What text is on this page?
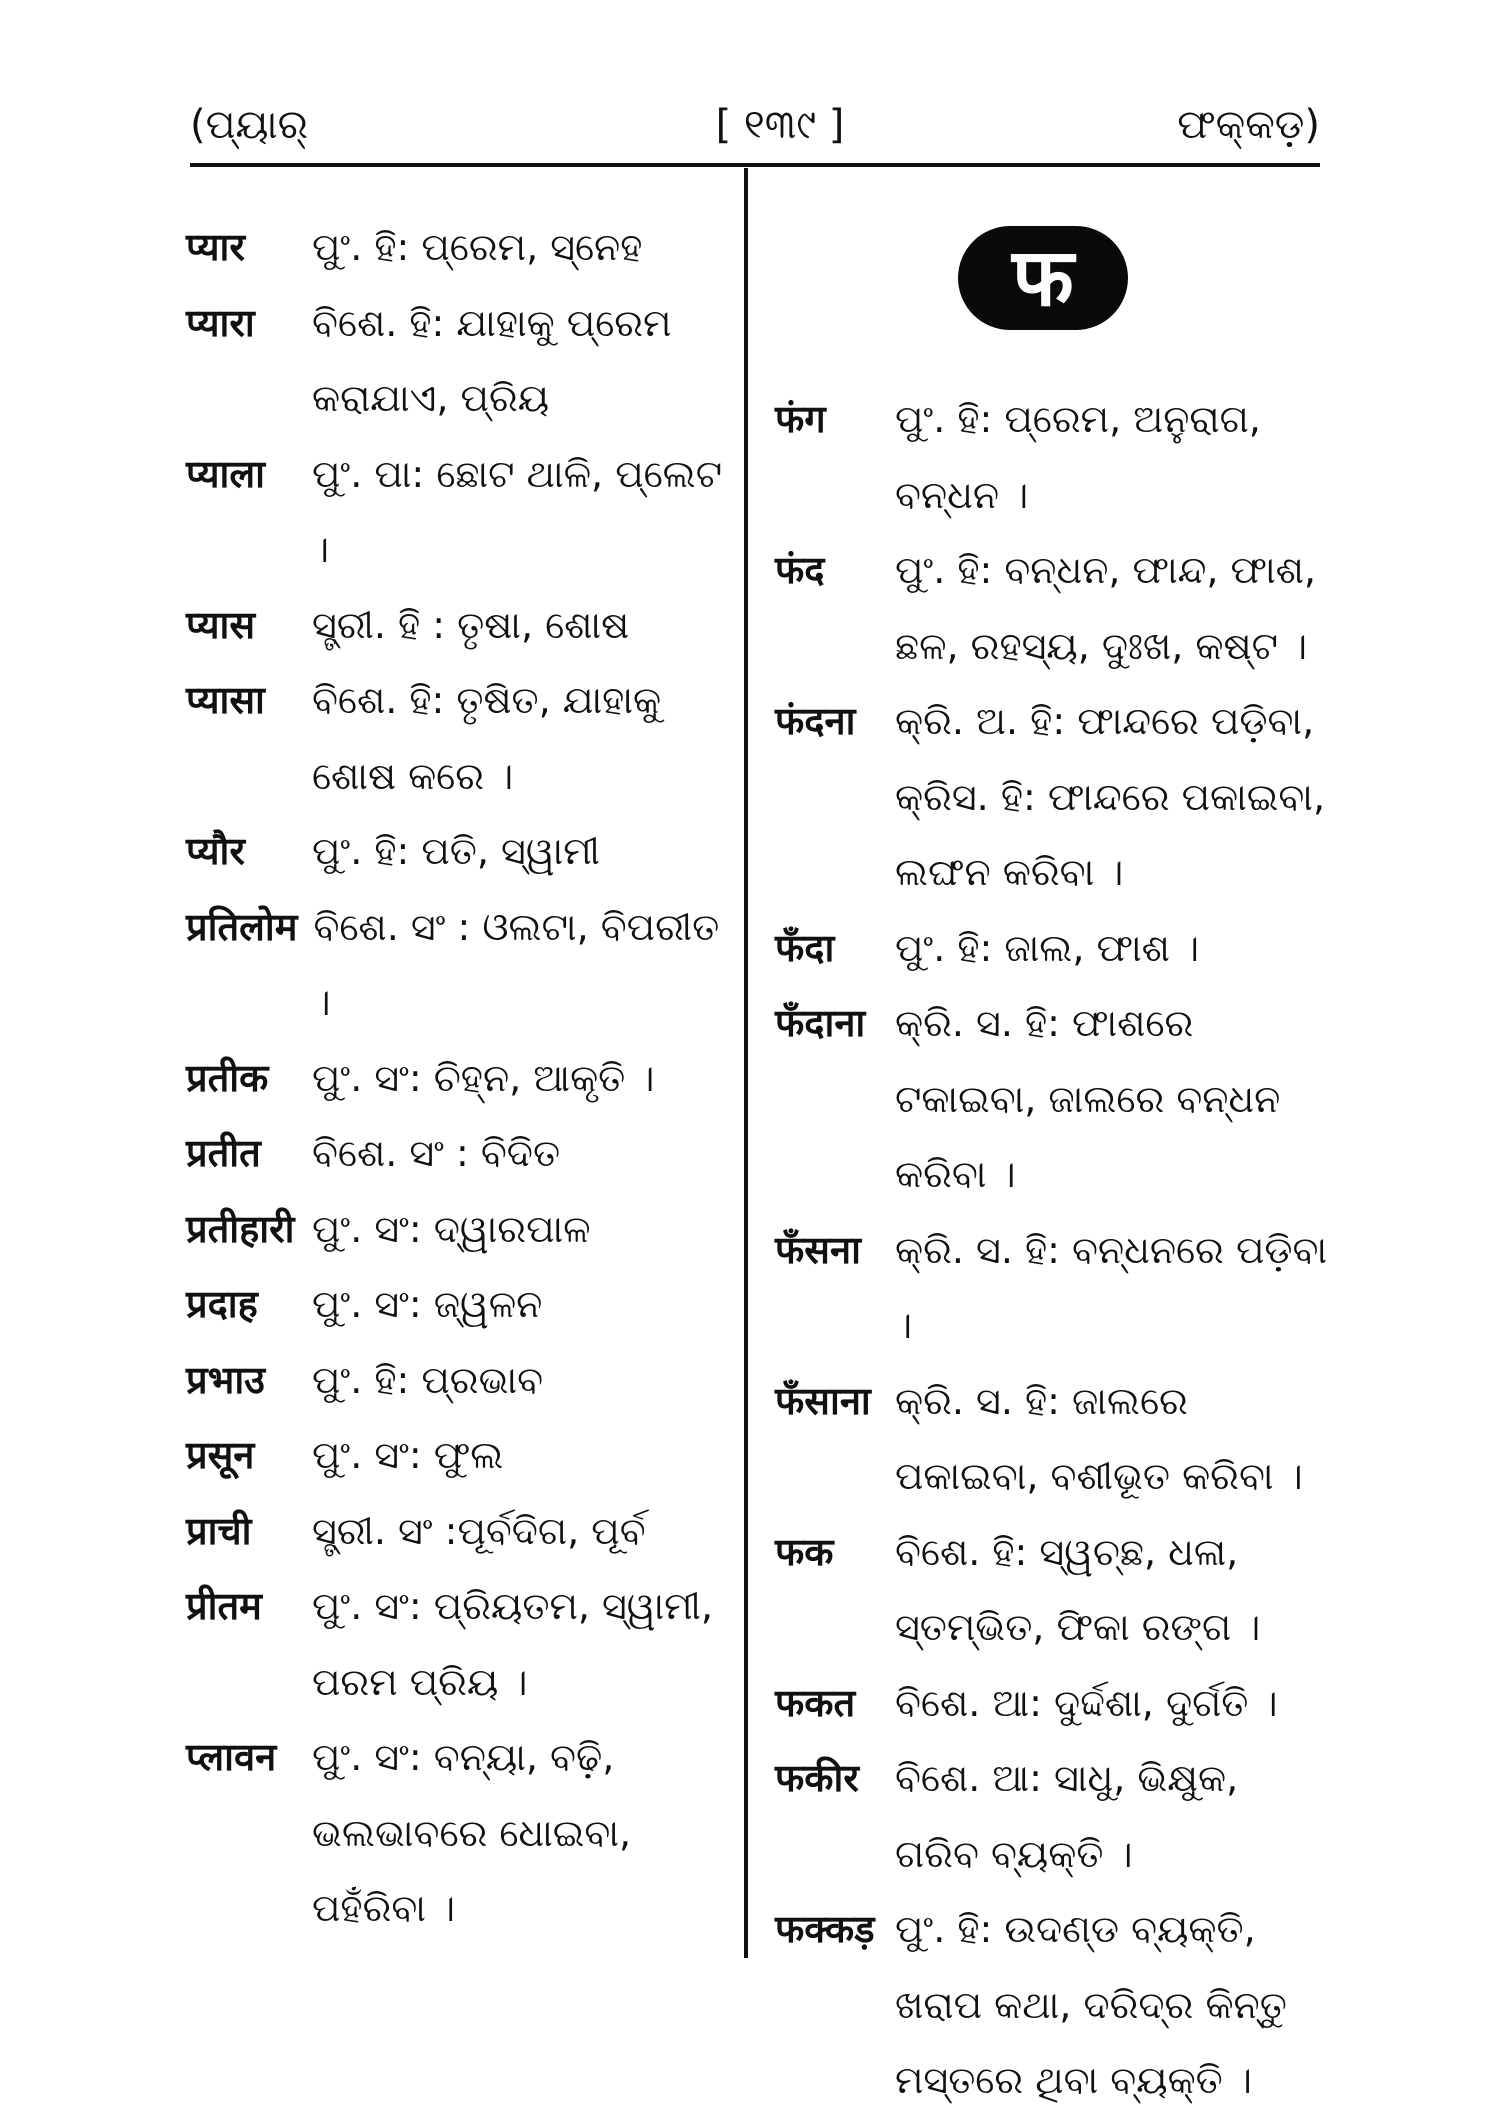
(ପ୍ୟାର୍	[ ୧୩୯ ]	ଫକ୍‌କଡ଼)
प्यार	ପୁଂ. ହି: ପ୍ରେମ, ସ୍ନେହ
प्यारा	ବିଶେ. ହି: ଯାହାକୁ ପ୍ରେମ କରାଯାଏ, ପ୍ରିୟ
प्याला	ପୁଂ. ପା: ଛୋଟ ଥାଳି, ପ୍ଲେଟ ।
प्यास	ସ୍ତ୍ରୀ. ହି : ତୃଷା, ଶୋଷ
प्यासा	ବିଶେ. ହି: ତୃଷିତ, ଯାହାକୁ ଶୋଷ କରେ ।
प्यौर	ପୁଂ. ହି: ପତି, ସ୍ୱାମୀ
प्रतिलोम ବିଶେ. ସଂ : ଓଲଟା, ବିପରୀତ ।
प्रतीक	ପୁଂ. ସଂ: ଚିହ୍ନ, ଆକୃତି ।
प्रतीत	ବିଶେ. ସଂ : ବିଦିତ
प्रतीहारी ପୁଂ. ସଂ: ଦ୍ୱାରପାଳ
प्रदाह	ପୁଂ. ସଂ: ଜ୍ୱଳନ
प्रभाउ	ପୁଂ. ହି: ପ୍ରଭାବ
प्रसून	ପୁଂ. ସଂ: ଫୁଲ
प्राची	ସ୍ତ୍ରୀ. ସଂ :ପୂର୍ବଦିଗ, ପୂର୍ବ
प्रीतम	ପୁଂ. ସଂ: ପ୍ରିୟତମ, ସ୍ୱାମୀ, ପରମ ପ୍ରିୟ ।
प्लावन ପୁଂ. ସଂ: ବନ୍ୟା, ବଢ଼ି, ଭଲଭାବରେ ଧୋଇବା, ପହଁରିବା ।
फ
फंग	ପୁଂ. ହି: ପ୍ରେମ, ଅନୁରାଗ, ବନ୍ଧନ ।
फंद	ପୁଂ. ହି: ବନ୍ଧନ, ଫାନ୍ଦ, ଫାଶ, ଛଳ, ରହସ୍ୟ, ଦୁଃଖ, କଷ୍ଟ ।
फंदना	କ୍ରି. ଅ. ହି: ଫାନ୍ଦରେ ପଡ଼ିବା, କ୍ରିସ. ହି: ଫାନ୍ଦରେ ପକାଇବା, ଲଙ୍ଘନ କରିବା ।
फँदा	ପୁଂ. ହି: ଜାଲ, ଫାଶ ।
फँदाना କ୍ରି. ସ. ହି: ଫାଶରେ ଟକାଇବା, ଜାଲରେ ବନ୍ଧନ କରିବା ।
फँसना କ୍ରି. ସ. ହି: ବନ୍ଧନରେ ପଡ଼ିବା ।
फँसाना କ୍ରି. ସ. ହି: ଜାଲରେ ପକାଇବା, ବଶୀଭୂତ କରିବା ।
फक	ବିଶେ. ହି: ସ୍ୱଚ୍ଛ, ଧଳା, ସ୍ତମ୍ଭିତ, ଫିକା ରଙ୍ଗ ।
फकत	ବିଶେ. ଆ: ଦୁର୍ଦ୍ଦଶା, ଦୁର୍ଗତି ।
फकीर ବିଶେ. ଆ: ସାଧୁ, ଭିକ୍ଷୁକ, ଗରିବ ବ୍ୟକ୍ତି ।
फक्कड़ ପୁଂ. ହି: ଉଦଣ୍ଡ ବ୍ୟକ୍ତି, ଖରାପ କଥା, ଦରିଦ୍ର କିନ୍ତୁ ମସ୍ତରେ ଥିବା ବ୍ୟକ୍ତି ।
